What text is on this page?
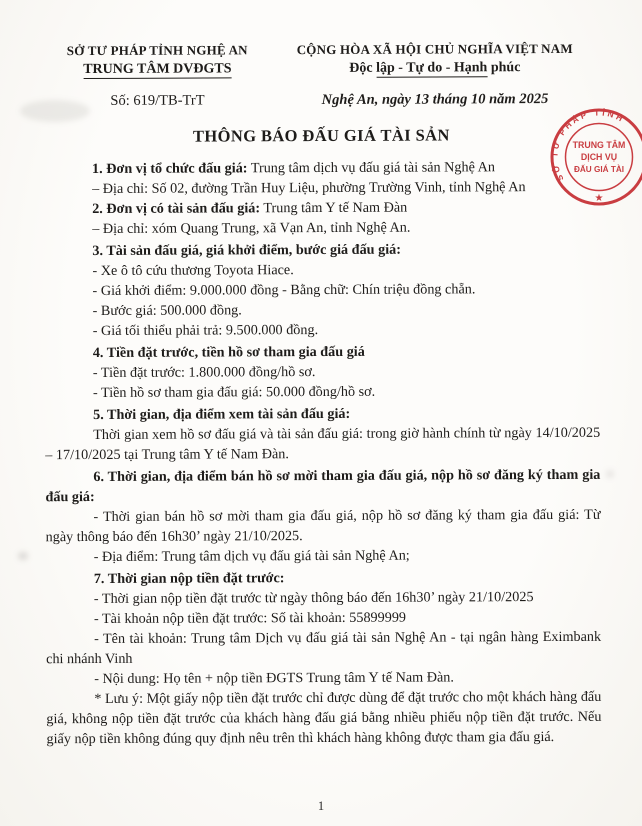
SỞ TƯ PHÁP TỈNH NGHỆ AN
TRUNG TÂM DVĐGTS
CỘNG HÒA XÃ HỘI CHỦ NGHĨA VIỆT NAM
Độc lập - Tự do - Hạnh phúc
Số: 619/TB-TrT	Nghệ An, ngày 13 tháng 10 năm 2025
THÔNG BÁO ĐẤU GIÁ TÀI SẢN

1. Đơn vị tổ chức đấu giá: Trung tâm dịch vụ đấu giá tài sản Nghệ An

– Địa chỉ: Số 02, đường Trần Huy Liệu, phường Trường Vinh, tỉnh Nghệ An

2. Đơn vị có tài sản đấu giá: Trung tâm Y tế Nam Đàn

– Địa chỉ: xóm Quang Trung, xã Vạn An, tỉnh Nghệ An.

3. Tài sản đấu giá, giá khởi điểm, bước giá đấu giá:

- Xe ô tô cứu thương Toyota Hiace.

- Giá khởi điểm: 9.000.000 đồng - Bằng chữ: Chín triệu đồng chẵn.

- Bước giá: 500.000 đồng.

- Giá tối thiểu phải trả: 9.500.000 đồng.

4. Tiền đặt trước, tiền hồ sơ tham gia đấu giá

- Tiền đặt trước: 1.800.000 đồng/hồ sơ.

- Tiền hồ sơ tham gia đấu giá: 50.000 đồng/hồ sơ.

5. Thời gian, địa điểm xem tài sản đấu giá:

Thời gian xem hồ sơ đấu giá và tài sản đấu giá: trong giờ hành chính từ ngày 14/10/2025 – 17/10/2025 tại Trung tâm Y tế Nam Đàn.

6. Thời gian, địa điểm bán hồ sơ mời tham gia đấu giá, nộp hồ sơ đăng ký tham gia đấu giá:

- Thời gian bán hồ sơ mời tham gia đấu giá, nộp hồ sơ đăng ký tham gia đấu giá: Từ ngày thông báo đến 16h30’ ngày 21/10/2025.

- Địa điểm: Trung tâm dịch vụ đấu giá tài sản Nghệ An;

7. Thời gian nộp tiền đặt trước:

- Thời gian nộp tiền đặt trước từ ngày thông báo đến 16h30’ ngày 21/10/2025

- Tài khoản nộp tiền đặt trước: Số tài khoản: 55899999

- Tên tài khoản: Trung tâm Dịch vụ đấu giá tài sản Nghệ An - tại ngân hàng Eximbank chi nhánh Vinh

- Nội dung: Họ tên + nộp tiền ĐGTS Trung tâm Y tế Nam Đàn.

* Lưu ý: Một giấy nộp tiền đặt trước chỉ được dùng để đặt trước cho một khách hàng đấu giá, không nộp tiền đặt trước của khách hàng đấu giá bằng nhiều phiếu nộp tiền đặt trước. Nếu giấy nộp tiền không đúng quy định nêu trên thì khách hàng không được tham gia đấu giá.

SỞ TƯ PHÁP TỈNH
TRUNG TÂM
DỊCH VỤ
ĐẤU GIÁ TÀI
★
1
